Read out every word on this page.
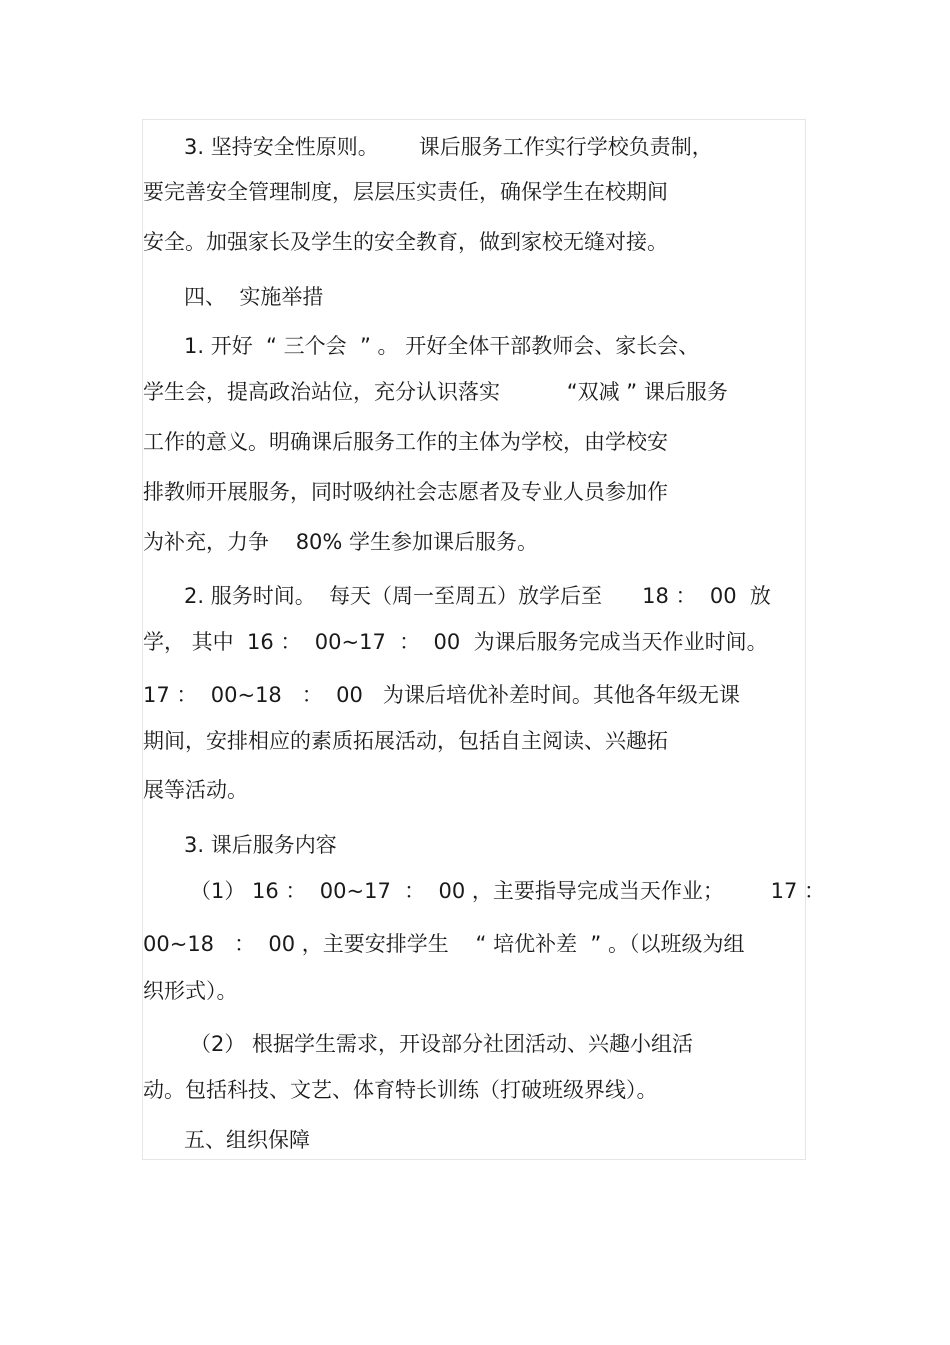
3. 坚持安全性原则。      课后服务工作实行学校负责制，
要完善安全管理制度，层层压实责任，确保学生在校期间
安全。加强家长及学生的安全教育，做到家校无缝对接。
四、  实施举措
1. 开好  “ 三个会  ” 。 开好全体干部教师会、家长会、
学生会，提高政治站位，充分认识落实          “双减 ” 课后服务
工作的意义。明确课后服务工作的主体为学校，由学校安
排教师开展服务，同时吸纳社会志愿者及专业人员参加作
为补充，力争    80% 学生参加课后服务。
2. 服务时间。  每天（周一至周五）放学后至      18 ：  00  放
学， 其中  16 ：  00~17  ：  00  为课后服务完成当天作业时间。
17 ：  00~18   ：  00   为课后培优补差时间。其他各年级无课
期间，安排相应的素质拓展活动，包括自主阅读、兴趣拓
展等活动。
3. 课后服务内容
（1） 16 ：  00~17  ：  00 ，主要指导完成当天作业；       17 ：
00~18   ：  00 ，主要安排学生    “ 培优补差  ” 。（以班级为组
织形式）。
（2） 根据学生需求，开设部分社团活动、兴趣小组活
动。包括科技、文艺、体育特长训练（打破班级界线）。
五、组织保障
